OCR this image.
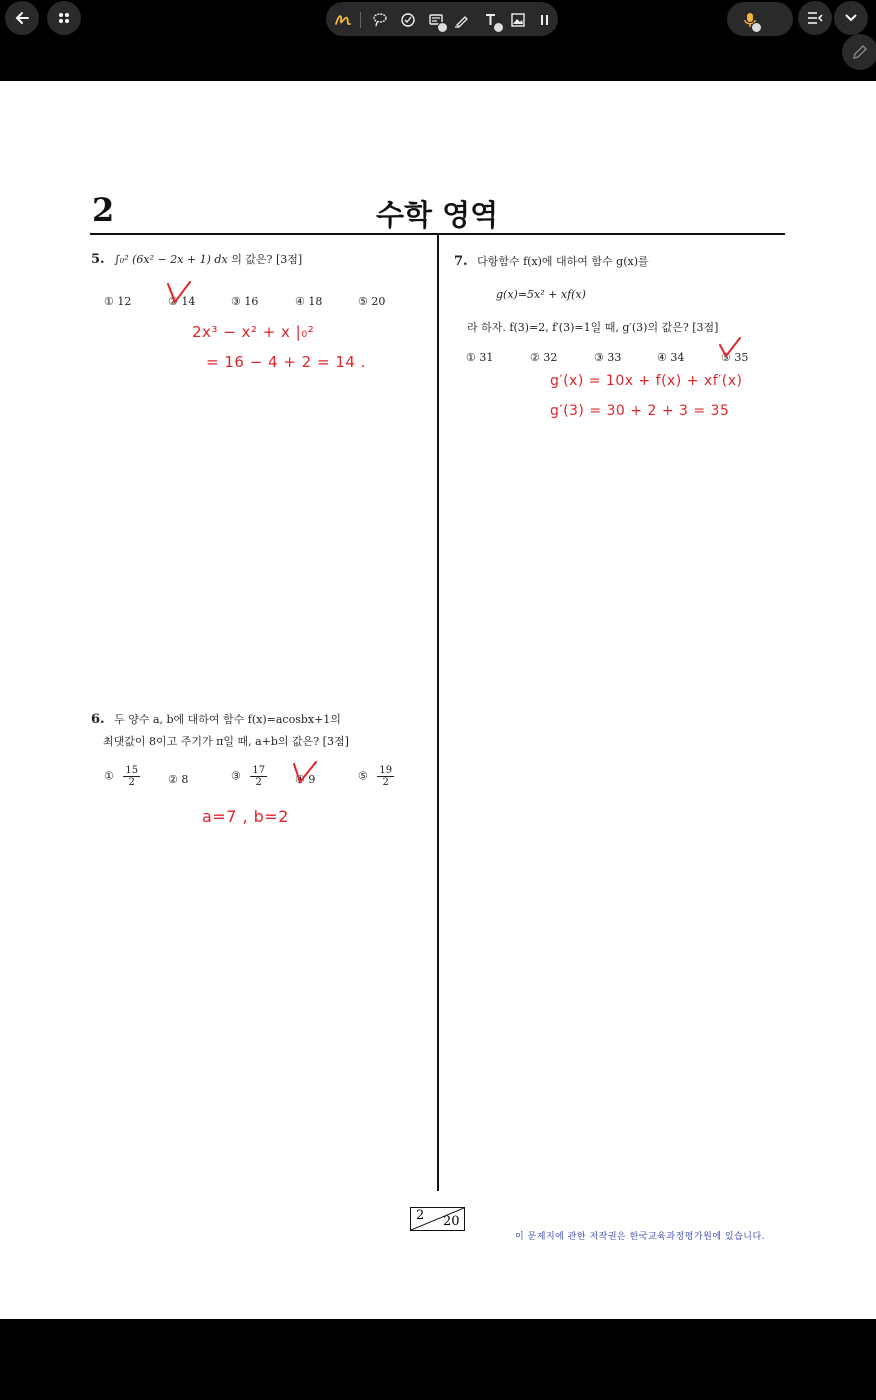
2	수학 영역
5. ∫₀² (6x² − 2x + 1) dx 의 값은? [3점]
① 12	② 14	③ 16	④ 18	⑤ 20
2x³ − x² + x |₀²
= 16 − 4 + 2 = 14 .
7. 다항함수 f(x)에 대하여 함수 g(x)를
g(x)=5x² + xf(x)
라 하자. f(3)=2, f′(3)=1일 때, g′(3)의 값은? [3점]
① 31	② 32	③ 33	④ 34	⑤ 35
g′(x) = 10x + f(x) + xf′(x)
g′(3) = 30 + 2 + 3 = 35
6. 두 양수 a, b에 대하여 함수 f(x)=acosbx+1의
최댓값이 8이고 주기가 π일 때, a+b의 값은? [3점]
① $\frac{15}{2}$	② 8	③ $\frac{17}{2}$	④ 9	⑤ $\frac{19}{2}$
a=7 , b=2
2 20
이 문제지에 관한 저작권은 한국교육과정평가원에 있습니다.
